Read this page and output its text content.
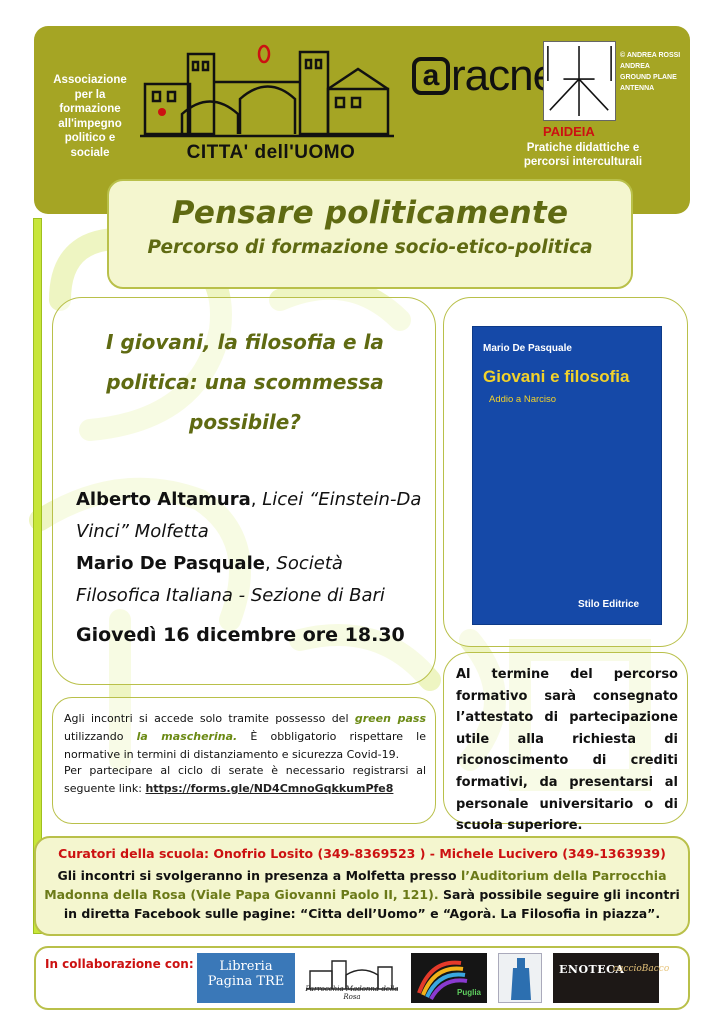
Associazione per la formazione all'impegno politico e sociale	CITTA' dell'UOMO
a racne	© ANDREA ROSSI
ANDREA
GROUND PLANE
ANTENNA
PAIDEIA
Pratiche didattiche e percorsi interculturali
Pensare politicamente
Percorso di formazione socio-etico-politica
I giovani, la filosofia e la politica: una scommessa possibile?
Alberto Altamura, Licei “Einstein-Da Vinci” Molfetta
Mario De Pasquale, Società Filosofica Italiana - Sezione di Bari
Giovedì 16 dicembre ore 18.30
Mario De Pasquale
Giovani e filosofia
Addio a Narciso
Stilo Editrice
Al termine del percorso formativo sarà consegnato l’attestato di partecipazione utile alla richiesta di riconoscimento di crediti formativi, da presentarsi al personale universitario o di scuola superiore.
Agli incontri si accede solo tramite possesso del green pass utilizzando la mascherina. È obbligatorio rispettare le normative in termini di distanziamento e sicurezza Covid-19.
Per partecipare al ciclo di serate è necessario registrarsi al seguente link: https://forms.gle/ND4CmnoGqkkumPfe8
Curatori della scuola: Onofrio Losito (349-8369523 ) - Michele Lucivero (349-1363939)
Gli incontri si svolgeranno in presenza a Molfetta presso l’Auditorium della Parrocchia Madonna della Rosa (Viale Papa Giovanni Paolo II, 121). Sarà possibile seguire gli incontri in diretta Facebook sulle pagine: “Citta dell’Uomo” e “Agorà. La Filosofia in piazza”.
In collaborazione con:	Libreria Pagina TRE	Parrocchia Madonna della Rosa	Puglia
ENOTECA
caccioBacco
